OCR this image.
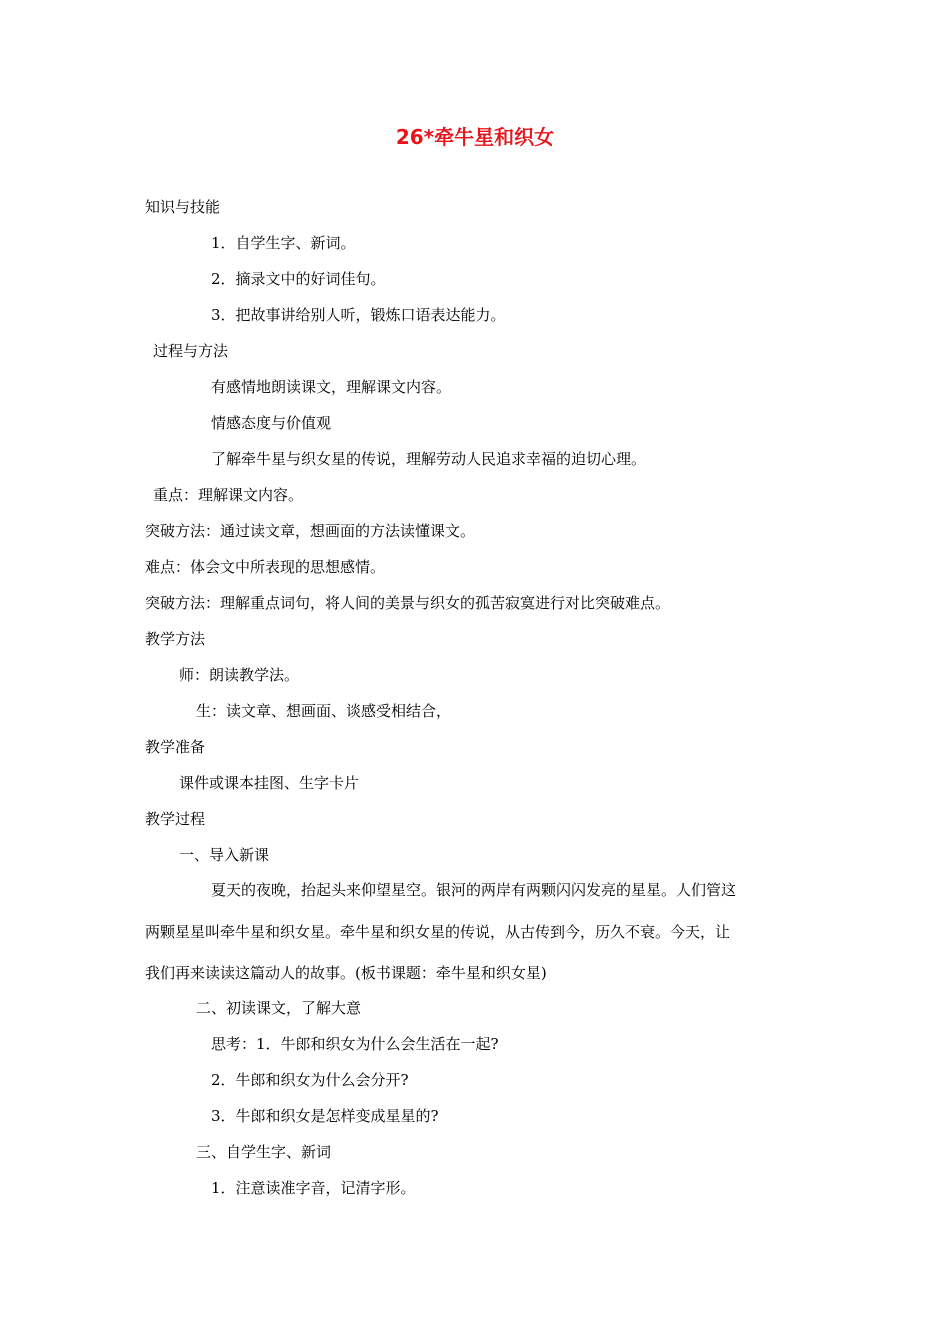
26*牵牛星和织女
知识与技能
1．自学生字、新词。
2．摘录文中的好词佳句。
3．把故事讲给别人听，锻炼口语表达能力。
过程与方法
有感情地朗读课文，理解课文内容。
情感态度与价值观
了解牵牛星与织女星的传说，理解劳动人民追求幸福的迫切心理。
重点：理解课文内容。
突破方法：通过读文章，想画面的方法读懂课文。
难点：体会文中所表现的思想感情。
突破方法：理解重点词句，将人间的美景与织女的孤苦寂寞进行对比突破难点。
教学方法
师：朗读教学法。
生：读文章、想画面、谈感受相结合，
教学准备
课件或课本挂图、生字卡片
教学过程
一、导入新课
夏天的夜晚，抬起头来仰望星空。银河的两岸有两颗闪闪发亮的星星。人们管这
两颗星星叫牵牛星和织女星。牵牛星和织女星的传说，从古传到今，历久不衰。今天，让
我们再来读读这篇动人的故事。(板书课题：牵牛星和织女星)
二、初读课文，了解大意
思考：1．牛郎和织女为什么会生活在一起?
2．牛郎和织女为什么会分开?
3．牛郎和织女是怎样变成星星的?
三、自学生字、新词
1．注意读准字音，记清字形。
